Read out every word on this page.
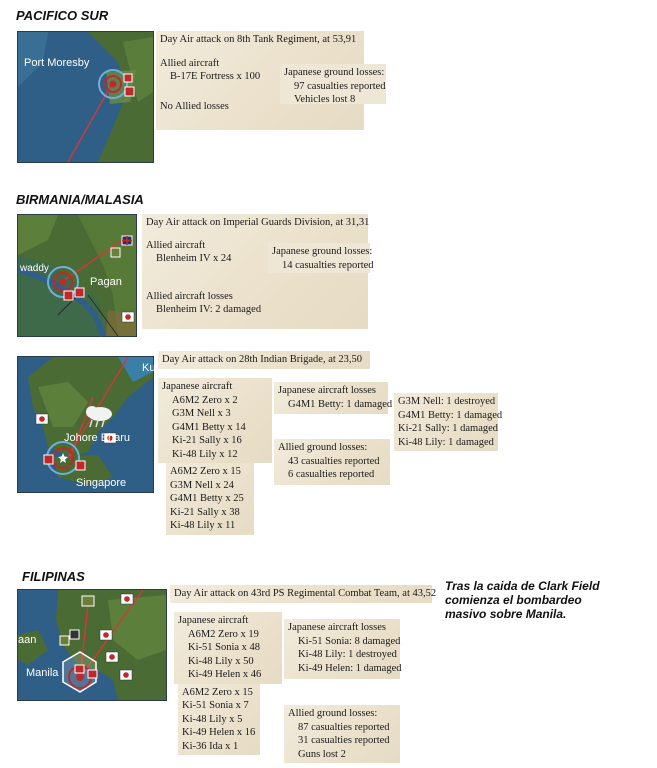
PACIFICO SUR
Port Moresby
Day Air attack on 8th Tank Regiment, at 53,91
Allied aircraft
B-17E Fortress x 100
No Allied losses
Japanese ground losses:
97 casualties reported
Vehicles lost 8
BIRMANIA/MALASIA
Pagan
waddy
Day Air attack on Imperial Guards Division, at 31,31
Allied aircraft
Blenheim IV x 24
Allied aircraft losses
Blenheim IV: 2 damaged
Japanese ground losses:
14 casualties reported
Johore Bharu
Singapore
Ku
Day Air attack on 28th Indian Brigade, at 23,50
Japanese aircraft
A6M2 Zero x 2
G3M Nell x 3
G4M1 Betty x 14
Ki-21 Sally x 16
Ki-48 Lily x 12
A6M2 Zero x 15
G3M Nell x 24
G4M1 Betty x 25
Ki-21 Sally x 38
Ki-48 Lily x 11
Japanese aircraft losses
G4M1 Betty: 1 damaged G3M Nell: 1 destroyed
G4M1 Betty: 1 damaged
Ki-21 Sally: 1 damaged
Ki-48 Lily: 1 damaged
Allied ground losses:
43 casualties reported
6 casualties reported
FILIPINAS
aan
Manila
Day Air attack on 43rd PS Regimental Combat Team, at 43,52
Japanese aircraft
A6M2 Zero x 19
Ki-51 Sonia x 48
Ki-48 Lily x 50
Ki-49 Helen x 46
A6M2 Zero x 15
Ki-51 Sonia x 7
Ki-48 Lily x 5
Ki-49 Helen x 16
Ki-36 Ida x 1
Japanese aircraft losses
Ki-51 Sonia: 8 damaged
Ki-48 Lily: 1 destroyed
Ki-49 Helen: 1 damaged
Allied ground losses:
87 casualties reported
31 casualties reported
Guns lost 2
Tras la caida de Clark Field
comienza el bombardeo
masivo sobre Manila.
